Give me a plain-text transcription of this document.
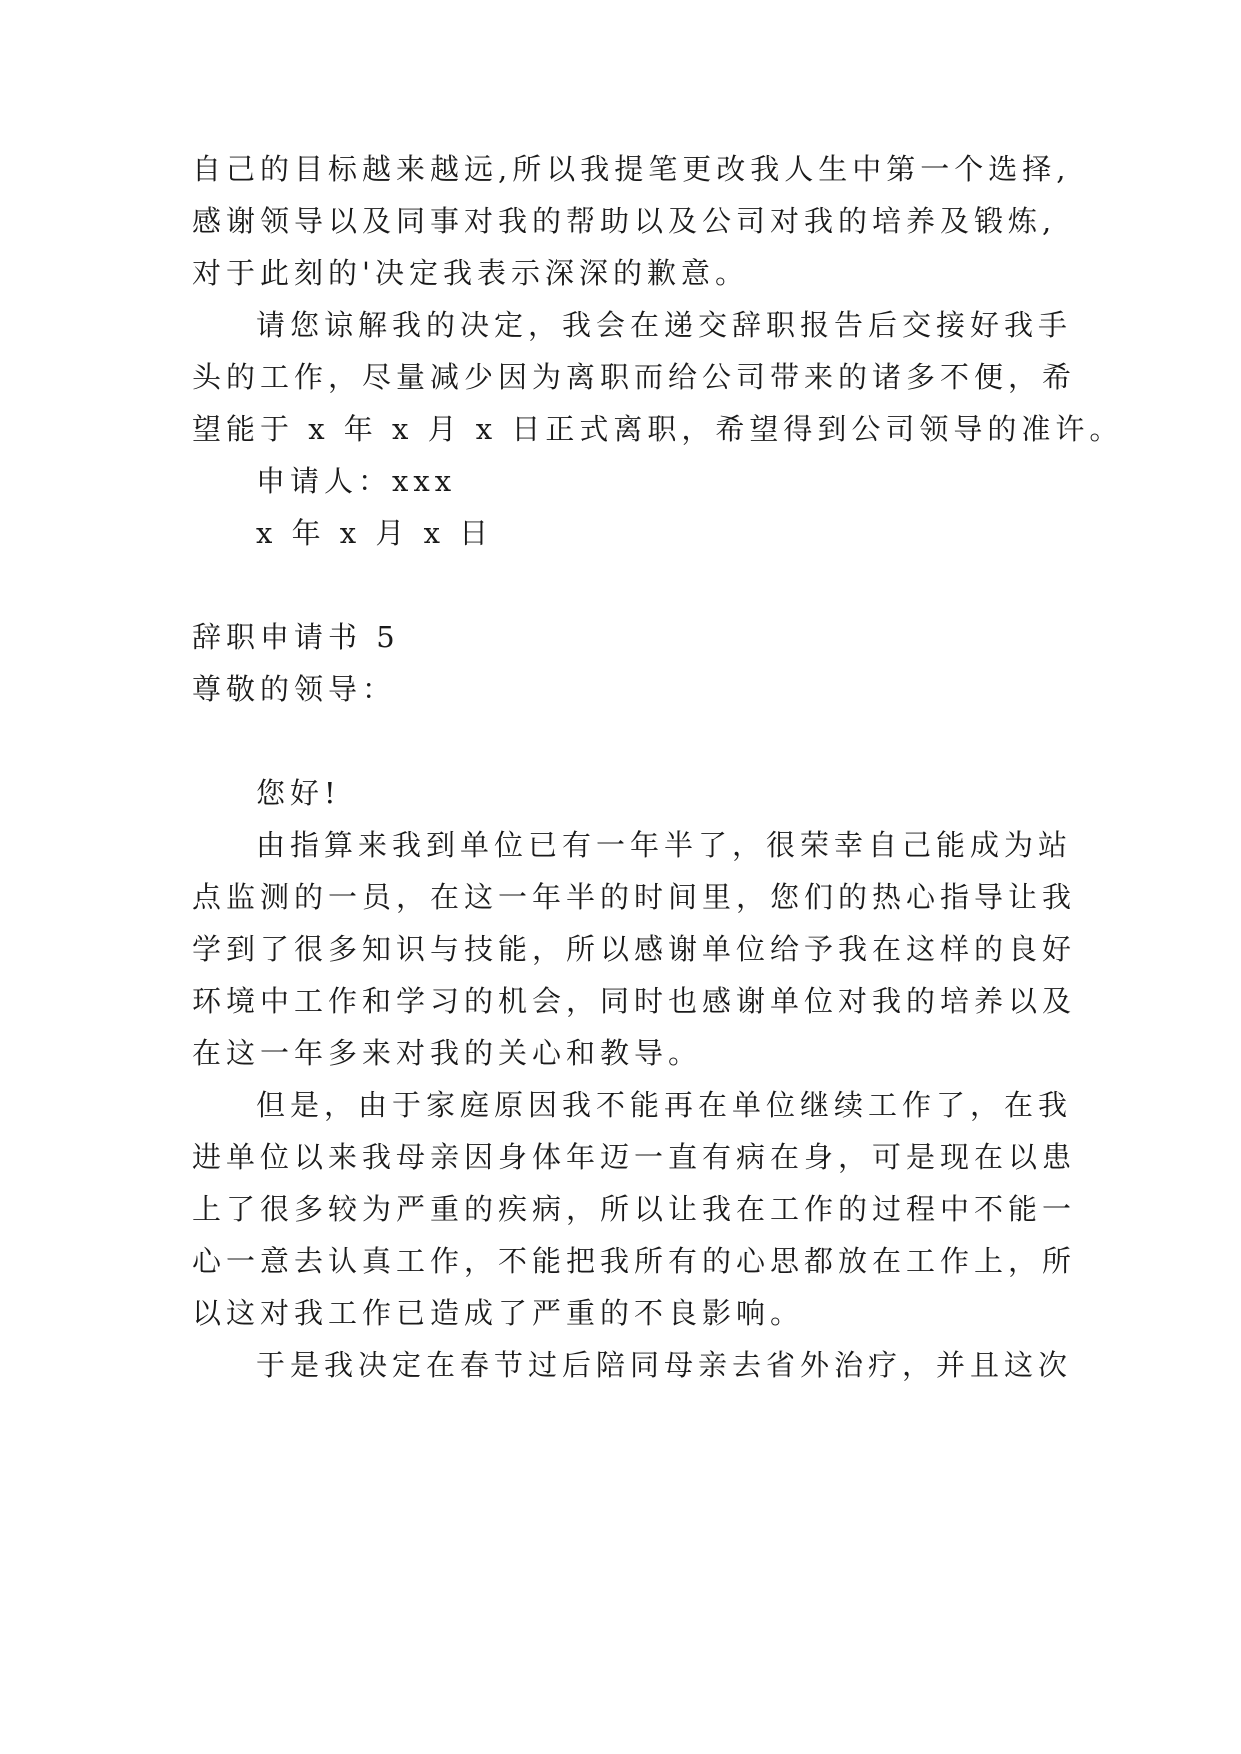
自己的目标越来越远,所以我提笔更改我人生中第一个选择,
感谢领导以及同事对我的帮助以及公司对我的培养及锻炼,
对于此刻的'决定我表示深深的歉意。
请您谅解我的决定，我会在递交辞职报告后交接好我手
头的工作，尽量减少因为离职而给公司带来的诸多不便，希
望能于 x 年 x 月 x 日正式离职，希望得到公司领导的准许。
申请人：xxx
x 年 x 月 x 日
辞职申请书 5
尊敬的领导：
您好!
由指算来我到单位已有一年半了，很荣幸自己能成为站
点监测的一员，在这一年半的时间里，您们的热心指导让我
学到了很多知识与技能，所以感谢单位给予我在这样的良好
环境中工作和学习的机会，同时也感谢单位对我的培养以及
在这一年多来对我的关心和教导。
但是，由于家庭原因我不能再在单位继续工作了，在我
进单位以来我母亲因身体年迈一直有病在身，可是现在以患
上了很多较为严重的疾病，所以让我在工作的过程中不能一
心一意去认真工作，不能把我所有的心思都放在工作上，所
以这对我工作已造成了严重的不良影响。
于是我决定在春节过后陪同母亲去省外治疗，并且这次
